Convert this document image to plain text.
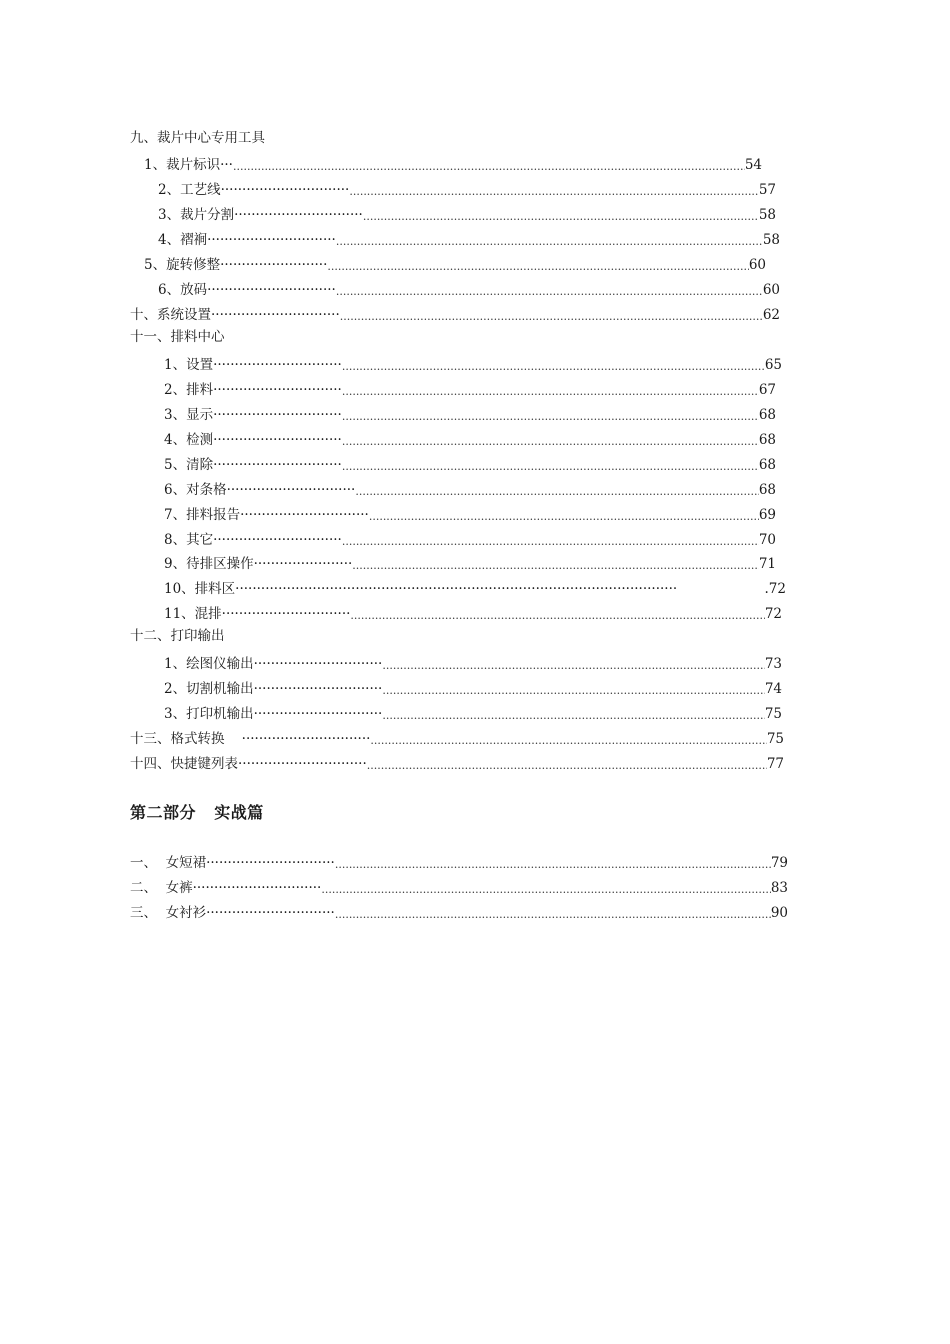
九、裁片中心专用工具
1、裁片标识··· .....	54
2、工艺线······························ .....	57
3、裁片分割······························ .....	58
4、褶裥······························ .....	58
5、旋转修整························· .....	60
6、放码······························ .....	60
十、系统设置······························ .....	62
十一、排料中心
1、设置······························ .....	65
2、排料······························ .....	67
3、显示······························ .....	68
4、检测······························ .....	68
5、清除······························ .....	68
6、对条格······························ .....	68
7、排料报告······························ .....	69
8、其它······························ .....	70
9、待排区操作······················· .....	71
10、排料区·······································································································	.72
11、混排······························ .....	72
十二、打印输出
1、绘图仪输出······························ .....	73
2、切割机输出······························ .....	74
3、打印机输出······························ .....	75
十三、格式转换    ······························ .....	75
十四、快捷键列表······························ .....	77
第二部分   实战篇
一、  女短裙······························ .....	79
二、  女裤······························ .....	83
三、  女衬衫······························ .....	90
